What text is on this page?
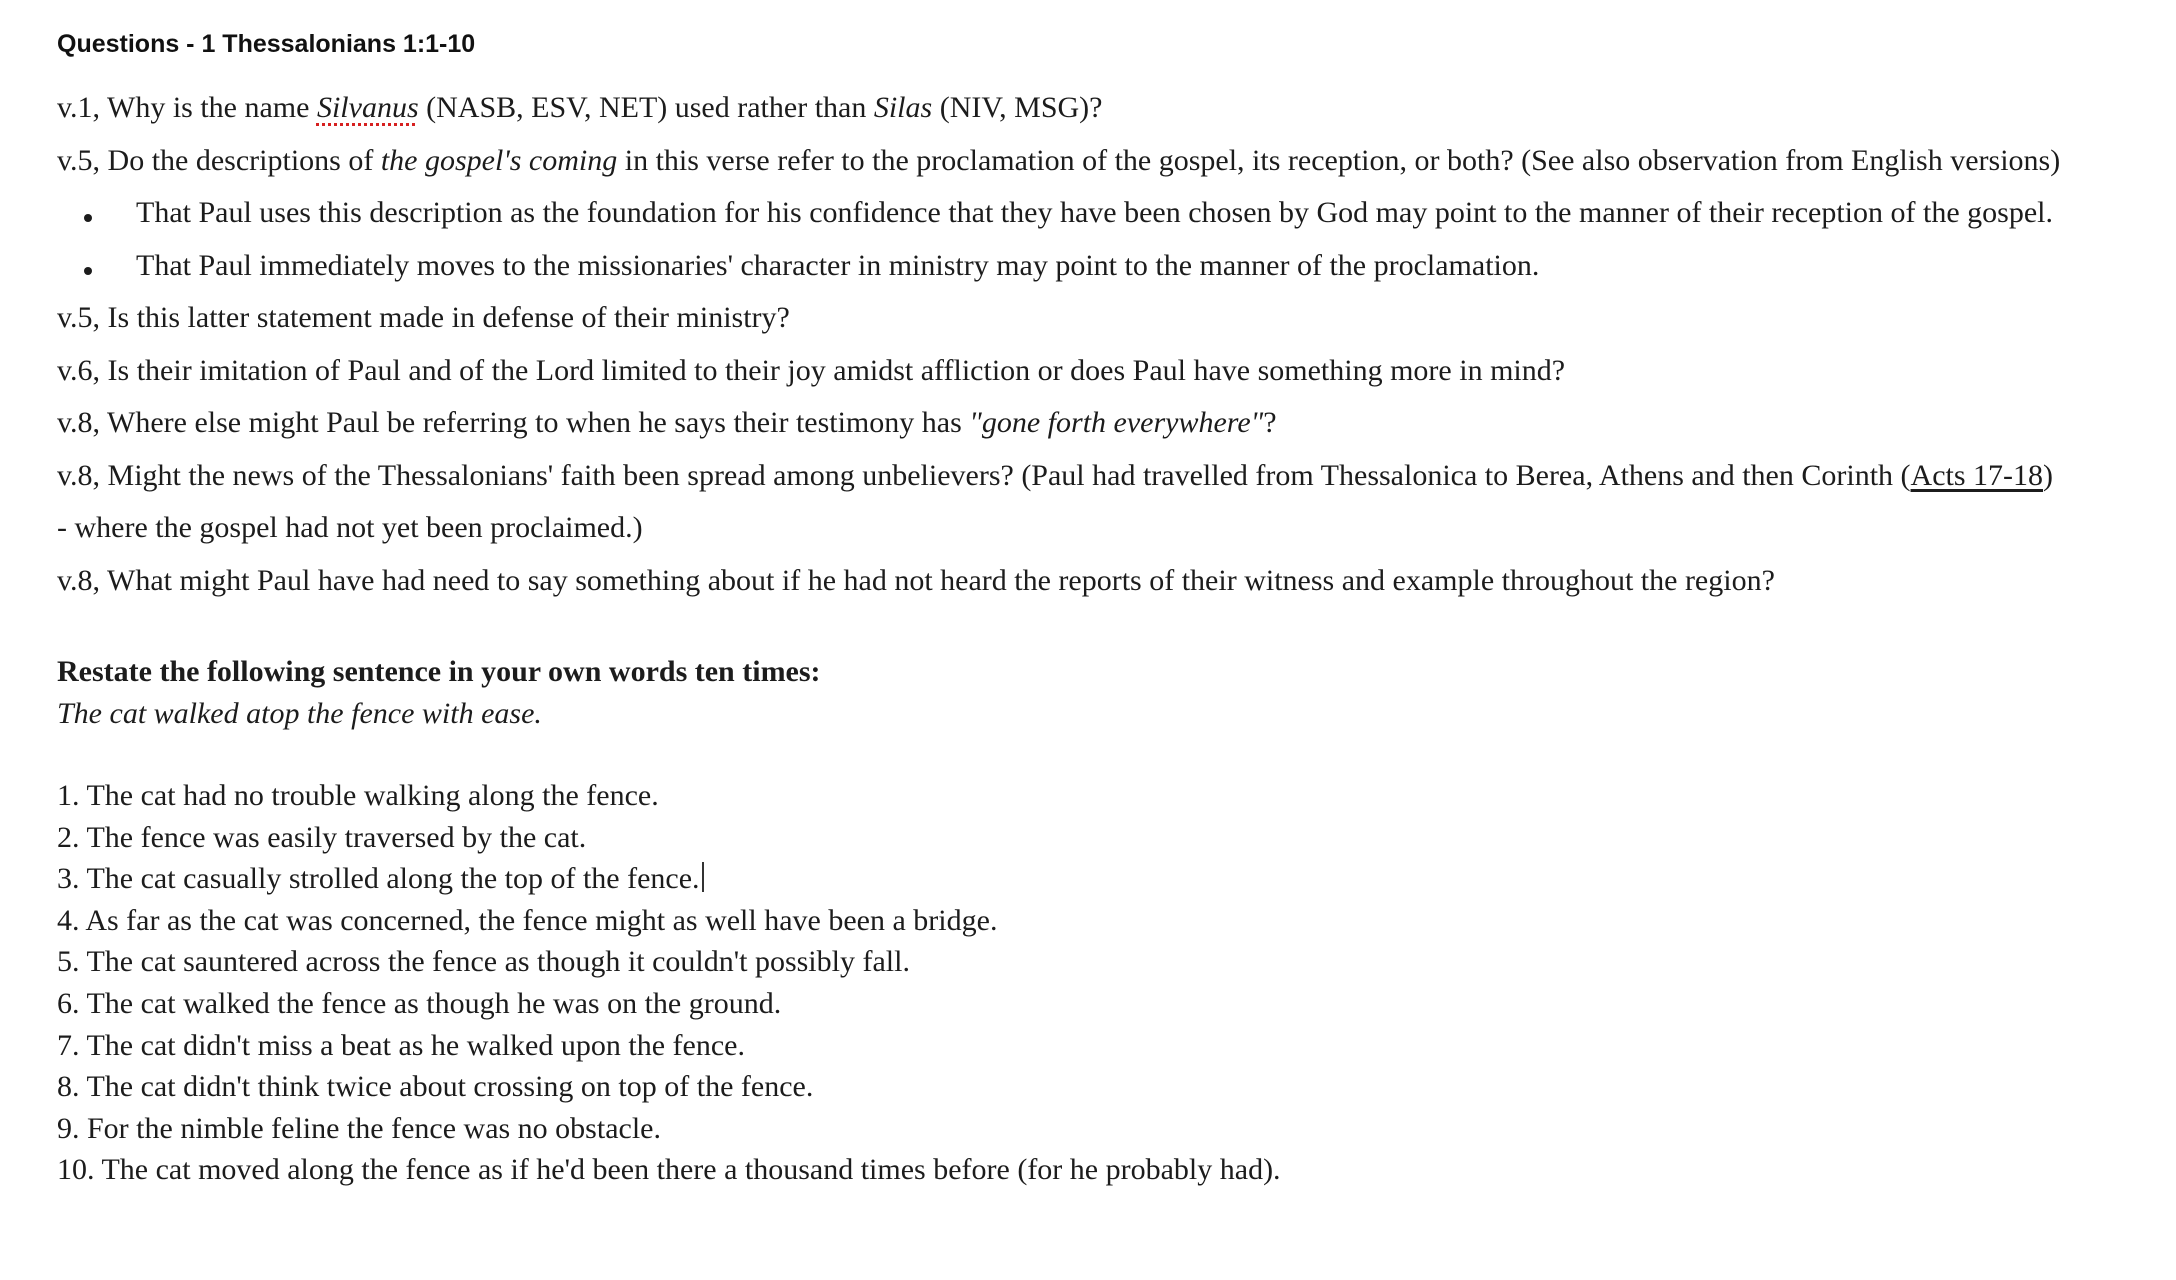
Questions - 1 Thessalonians 1:1-10

v.1, Why is the name Silvanus (NASB, ESV, NET) used rather than Silas (NIV, MSG)?

v.5, Do the descriptions of the gospel's coming in this verse refer to the proclamation of the gospel, its reception, or both? (See also observation from English versions)

That Paul uses this description as the foundation for his confidence that they have been chosen by God may point to the manner of their reception of the gospel.
That Paul immediately moves to the missionaries' character in ministry may point to the manner of the proclamation.

v.5, Is this latter statement made in defense of their ministry?

v.6, Is their imitation of Paul and of the Lord limited to their joy amidst affliction or does Paul have something more in mind?

v.8, Where else might Paul be referring to when he says their testimony has "gone forth everywhere"?

v.8, Might the news of the Thessalonians' faith been spread among unbelievers? (Paul had travelled from Thessalonica to Berea, Athens and then Corinth (Acts 17-18)

- where the gospel had not yet been proclaimed.)

v.8, What might Paul have had need to say something about if he had not heard the reports of their witness and example throughout the region?

Restate the following sentence in your own words ten times:

The cat walked atop the fence with ease.

1. The cat had no trouble walking along the fence.
2. The fence was easily traversed by the cat.
3. The cat casually strolled along the top of the fence.
4. As far as the cat was concerned, the fence might as well have been a bridge.
5. The cat sauntered across the fence as though it couldn't possibly fall.
6. The cat walked the fence as though he was on the ground.
7. The cat didn't miss a beat as he walked upon the fence.
8. The cat didn't think twice about crossing on top of the fence.
9. For the nimble feline the fence was no obstacle.
10. The cat moved along the fence as if he'd been there a thousand times before (for he probably had).
